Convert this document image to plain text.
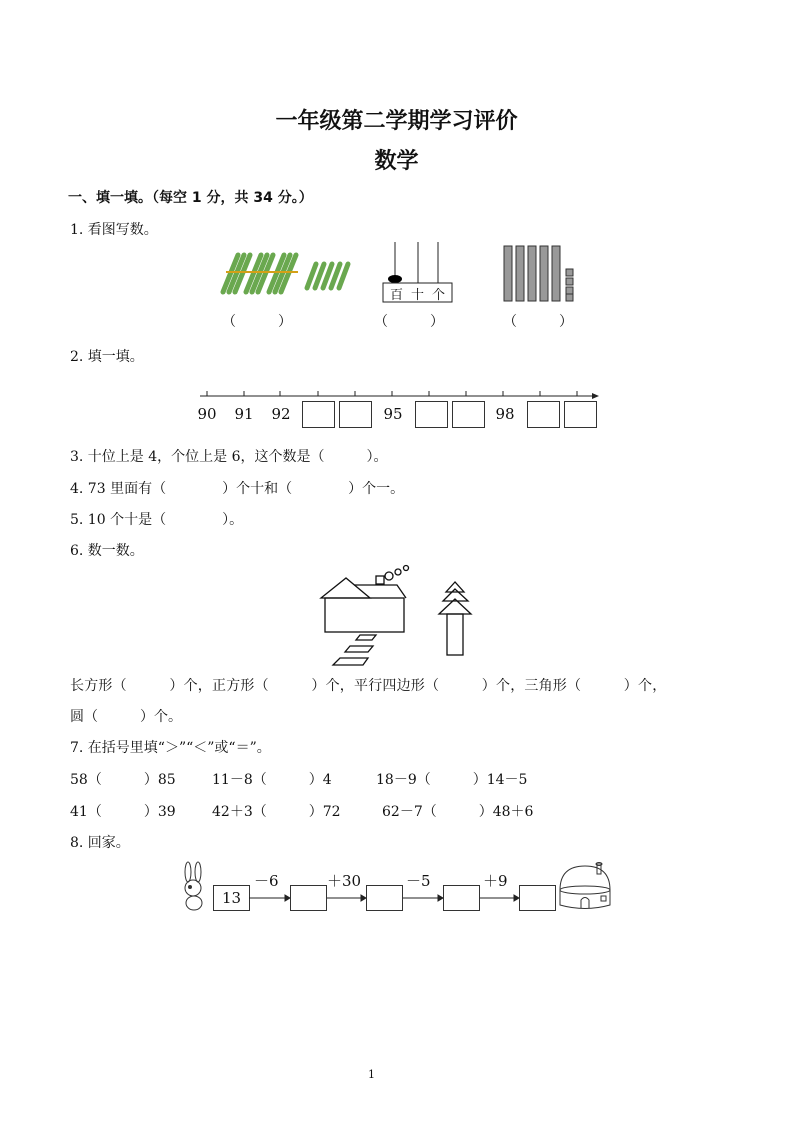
一年级第二学期学习评价
数学
一、填一填。（每空 1 分，共 34 分。）
1. 看图写数。
百十个
（　　　）	（　　　）	（　　　）
2. 填一填。
90	91	92	95	98
3. 十位上是 4，个位上是 6，这个数是（　　　）。
4. 73 里面有（　　　　）个十和（　　　　）个一。
5. 10 个十是（　　　　）。
6. 数一数。
长方形（　　　）个，正方形（　　　）个，平行四边形（　　　）个，三角形（　　　）个，
圆（　　　）个。
7. 在括号里填“＞”“＜”或“＝”。
58（　　　）85	11－8（　　　）4	18－9（　　　）14－5
41（　　　）39	42＋3（　　　）72	62－7（　　　）48＋6
8. 回家。
13
－6	＋30	－5	＋9
1
